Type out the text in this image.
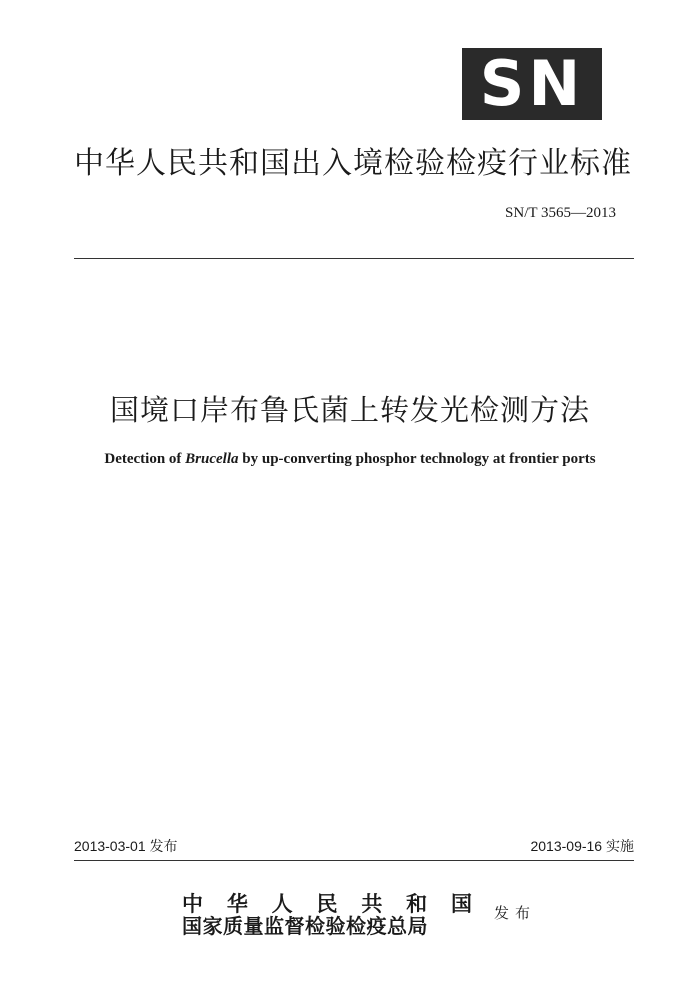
SN
中华人民共和国出入境检验检疫行业标准
SN/T 3565—2013
国境口岸布鲁氏菌上转发光检测方法
Detection of Brucella by up-converting phosphor technology at frontier ports
2013-03-01 发布	2013-09-16 实施
中 华 人 民 共 和 国
国家质量监督检验检疫总局
发布
